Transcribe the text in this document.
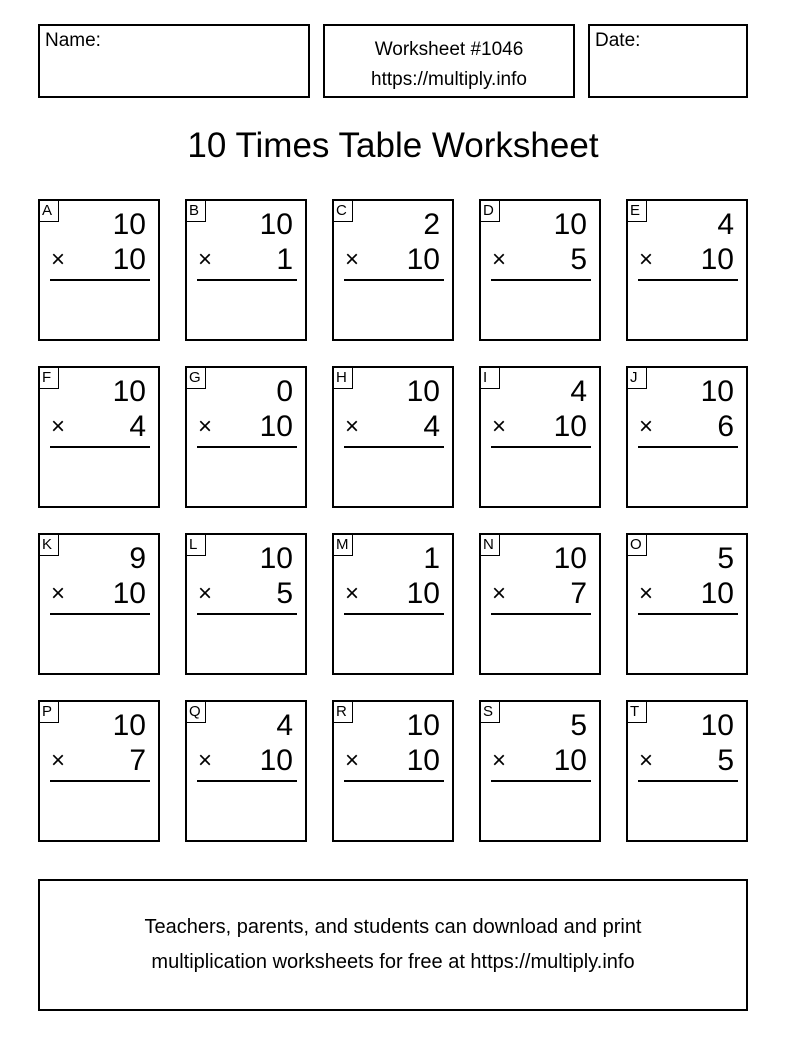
Name:	Worksheet #1046
https://multiply.info
Date:
10 Times Table Worksheet
A 10
× 10
B 10
× 1
C	2
× 10
D 10
× 5
E	4
× 10
F 10
× 4
G	0
× 10
H 10
× 4
I	4
× 10
J	10
× 6
K	9
× 10
L 10
× 5
M 1
× 10
N 10
× 7
O	5
× 10
P 10
× 7
Q	4
× 10
R 10
× 10
S	5
× 10
T 10
× 5
Teachers, parents, and students can download and print
multiplication worksheets for free at https://multiply.info
